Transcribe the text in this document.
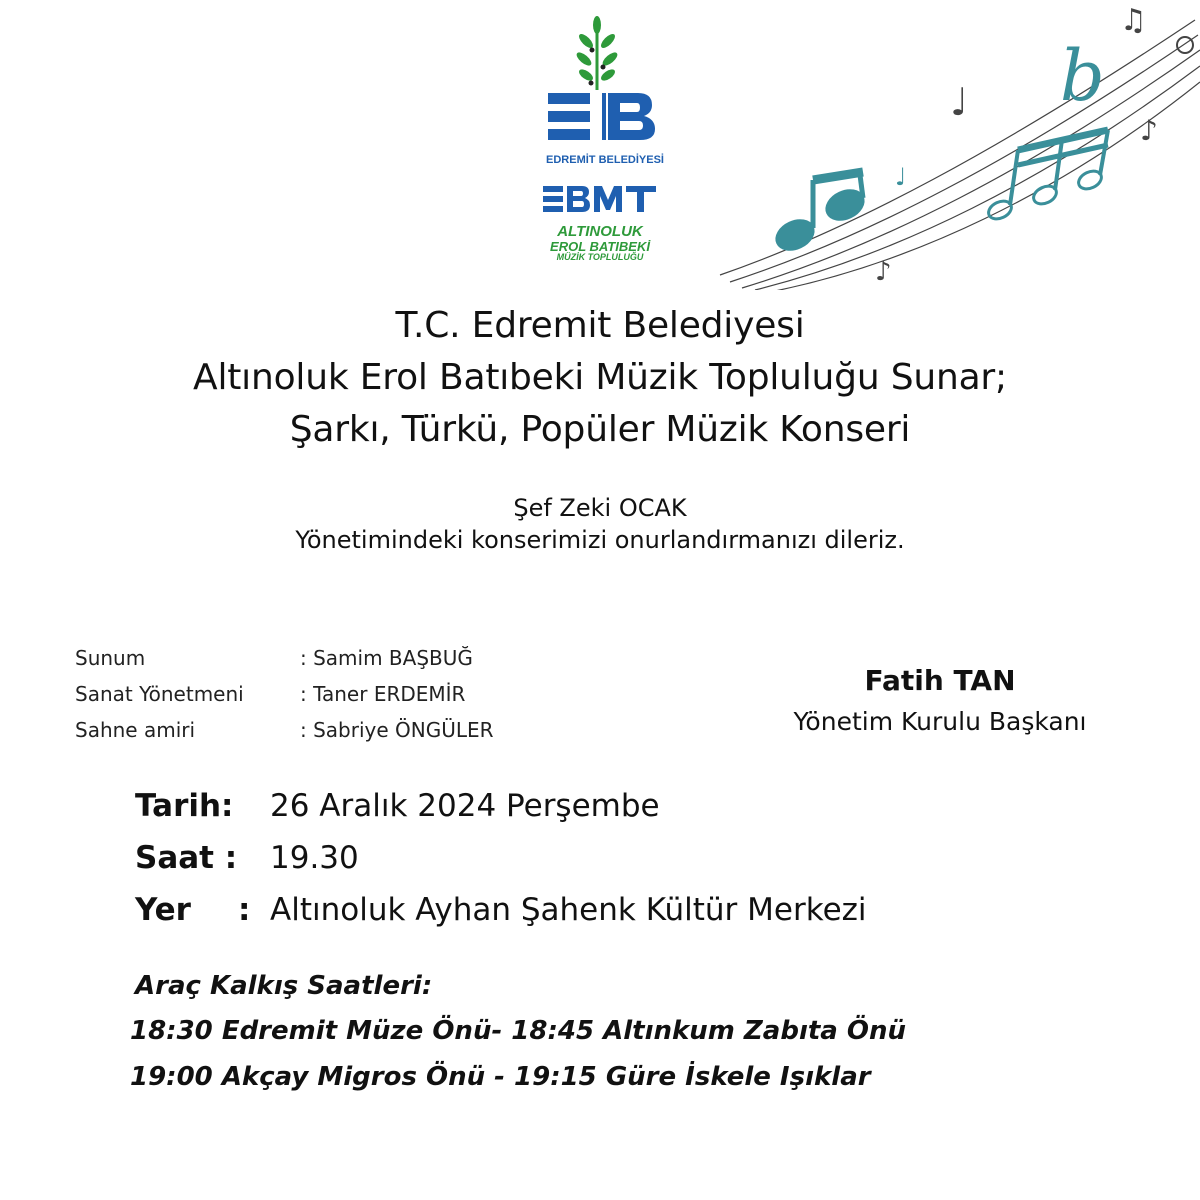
EDREMİT BELEDİYESİ
ALTINOLUK
EROL BATIBEKİ
MÜZİK TOPLULUĞU
b
♩
♩
♪
♪
♫
T.C. Edremit Belediyesi
Altınoluk Erol Batıbeki Müzik Topluluğu Sunar;
Şarkı, Türkü, Popüler Müzik Konseri
Şef Zeki OCAK
Yönetimindeki konserimizi onurlandırmanızı dileriz.
Sunum	: Samim BAŞBUĞ
Sanat Yönetmeni	: Taner ERDEMİR
Sahne amiri	: Sabriye ÖNGÜLER
Fatih TAN
Yönetim Kurulu Başkanı
Tarih: 26 Aralık 2024 Perşembe
Saat : 19.30
Yer : Altınoluk Ayhan Şahenk Kültür Merkezi
Araç Kalkış Saatleri:
18:30 Edremit Müze Önü- 18:45 Altınkum Zabıta Önü
19:00 Akçay Migros Önü - 19:15 Güre İskele Işıklar
